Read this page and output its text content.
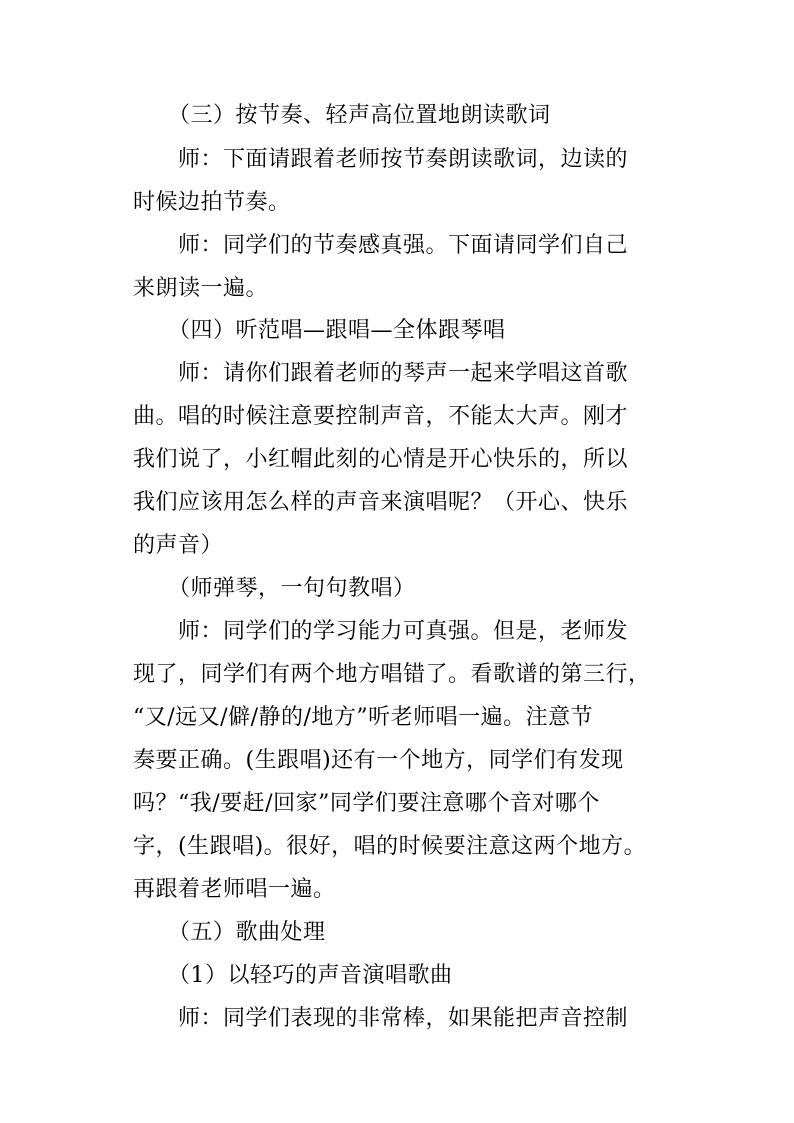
（三）按节奏、轻声高位置地朗读歌词
师：下面请跟着老师按节奏朗读歌词，边读的
时候边拍节奏。
师：同学们的节奏感真强。下面请同学们自己
来朗读一遍。
（四）听范唱—跟唱—全体跟琴唱
师：请你们跟着老师的琴声一起来学唱这首歌
曲。唱的时候注意要控制声音，不能太大声。刚才
我们说了，小红帽此刻的心情是开心快乐的，所以
我们应该用怎么样的声音来演唱呢？（开心、快乐
的声音）
（师弹琴，一句句教唱）
师：同学们的学习能力可真强。但是，老师发
现了，同学们有两个地方唱错了。看歌谱的第三行，
“又/远又/僻/静的/地方”听老师唱一遍。注意节
奏要正确。(生跟唱)还有一个地方，同学们有发现
吗？“我/要赶/回家”同学们要注意哪个音对哪个
字，(生跟唱)。很好，唱的时候要注意这两个地方。
再跟着老师唱一遍。
（五）歌曲处理
（1）以轻巧的声音演唱歌曲
师：同学们表现的非常棒，如果能把声音控制
